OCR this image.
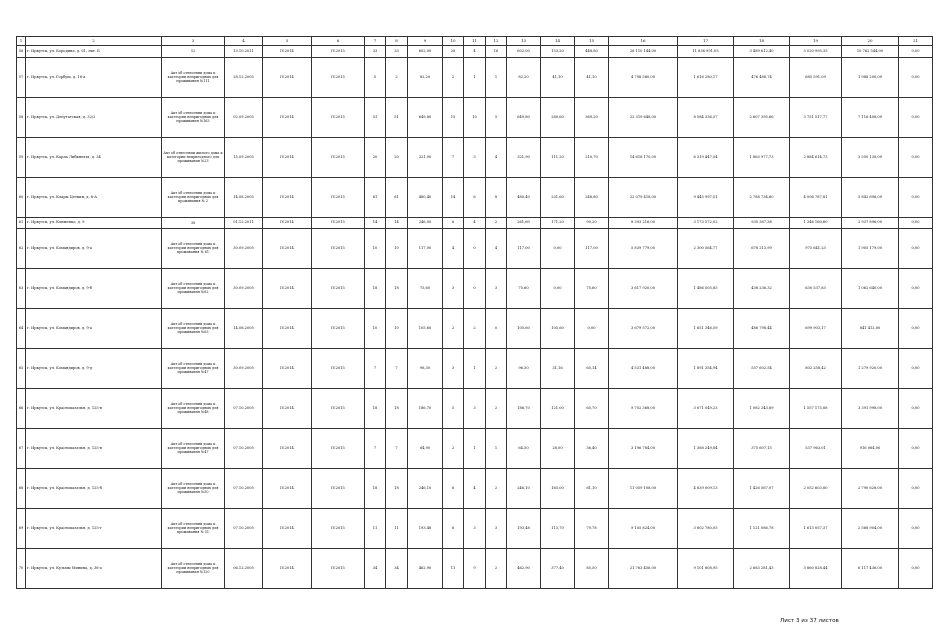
1	2	3	4	5	6	7	8	9	10	11	12	13	14	15	16	17	18	19	20	21
56	г. Иркутск, ул. Бородина, д. 61, лит. Б	52	13.10.2011	IV.2014	IV.2015	33	33	602,00	20	4	16	602,00	153,20	448,80	26 110 144,00	11 836 991,05	3 489 612,40	5 020 995,35	10 762 544,00	0,00
57	г. Иркутск, ул. Горбуш, д. 16-а	Акт об отнесении дома к категории непригодных для проживания №111	28.12.2005	IV.2014	IV.2015	5	2	82,20	2	1	1	82,20	41,10	41,10	4 798 560,00	1 616 280,17	476 488,74	685 591,09	1 988 200,00	0,00
58	г. Иркутск, ул. Депутатская, д. 32/2	Акт об отнесении дома к категории непригодных для проживания №163	02.09.2005	IV.2014	IV.2015	51	51	649,80	15	10	5	649,80	280,60	369,20	22 319 648,00	8 584 336,57	2 607 395,66	3 751 517,77	7 116 408,00	0,00
59	г. Иркутск, ул. Карла Либкнехта, д. 34	Акт об отнесении жилого дома к категории непригодного для проживания №23	15.09.2005	IV.2014	IV.2015	20	20	321,90	7	3	4	321,90	111,20	210,70	14 618 170,00	6 319 447,54	1 863 977,73	2 884 614,73	3 550 130,00	0,00
60	г. Иркутск, ул. Клары Цеткин, д. 8-А	Акт об отнесении дома к категории непригодных для проживания № 2	14.08.2005	IV.2014	IV.2015	61	61	480,40	14	6	8	480,40	231,60	248,80	22 079 418,00	9 445 997,51	2 788 734,60	4 006 787,81	5 842 896,00	0,00
61	г. Иркутск, ул. Клименко, д. 9	38	01.12.2011	IV.2014	IV.2015	14	14	246,00	6	4	2	261,60	171,20	90,20	8 393 216,00	3 173 572,02	935 387,38	1 346 160,60	2 937 896,00	0,00
62	г. Иркутск, ул. Командиров, д. 9-а	Акт об отнесении дома к категории непригодных для проживания № 61	30.09.2005	IV.2014	IV.2015	10	10	117,00	4	0	4	117,00	0,00	117,00	5 839 779,00	2 300 564,77	678 213,99	975 641,23	1 905 179,00	0,00
63	г. Иркутск, ул. Командиров, д. 9-б	Акт об отнесении дома к категории непригодных для проживания №62	30.09.2005	IV.2014	IV.2015	18	18	75,60	3	0	3	75,60	0,00	75,60	3 617 920,00	1 486 505,85	438 236,32	630 537,83	1 062 640,00	0,00
64	г. Иркутск, ул. Командиров, д. 9-а	Акт об отнесении дома к категории непригодных для проживания №63	14.08.2005	IV.2014	IV.2015	10	10	105,60	2	2	0	105,60	105,60	0,00	3 679 572,00	1 651 346,59	486 798,44	699 903,17	841 412,00	0,00
65	г. Иркутск, ул. Командиров, д. 9-д	Акт об отнесении дома к категории непригодных для проживания №47	30.09.2005	IV.2014	IV.2015	7	7	96,30	3	1	2	96,30	31,16	65,14	4 531 488,00	1 891 354,94	557 602,54	802 258,42	1 279 920,00	0,00
66	г. Иркутск, ул. Красноказачья, д. 125-в	Акт об отнесении дома к категории непригодных для проживания №48	07.10.2005	IV.2014	IV.2015	18	18	186,70	5	3	2	186,70	121,00	65,70	9 702 368,00	3 671 049,23	1 082 243,89	1 557 175,88	3 391 998,00	0,00
67	г. Иркутск, ул. Красноказачья, д. 125-в	Акт об отнесении дома к категории непригодных для проживания №47	07.10.2005	IV.2014	IV.2015	7	7	64,90	2	1	1	64,50	28,00	36,40	3 196 784,00	1 368 249,84	375 607,15	537 963,01	916 064,00	0,00
68	г. Иркутск, ул. Красноказачья, д. 125-б	Акт об отнесении дома к категории непригодных для проживания №50	07.10.2005	IV.2014	IV.2015	18	18	246,10	6	4	2	246,10	165,00	81,10	11 059 108,00	4 839 009,13	1 426 567,07	2 052 603,80	2 790 628,00	0,00
69	г. Иркутск, ул. Красноказачья, д. 125-г	Акт об отнесении дома к категории непригодных для проживания № 51	07.10.2005	IV.2014	IV.2015	11	11	193,48	6	3	3	193,48	113,70	79,78	9 105 824,00	3 802 780,05	1 121 086,78	1 613 057,37	2 568 904,00	0,00
70	г. Иркутск, ул. Кузьмы Минина, д. 36-а	Акт об отнесении дома к категории непригодных для проживания №120	06.12.2005	IV.2014	IV.2015	34	34	462,90	11	9	2	462,90	377,40	85,50	21 763 456,00	9 101 808,95	2 683 281,43	3 860 828,44	6 117 436,00	0,00
Лист 3 из 37 листов
